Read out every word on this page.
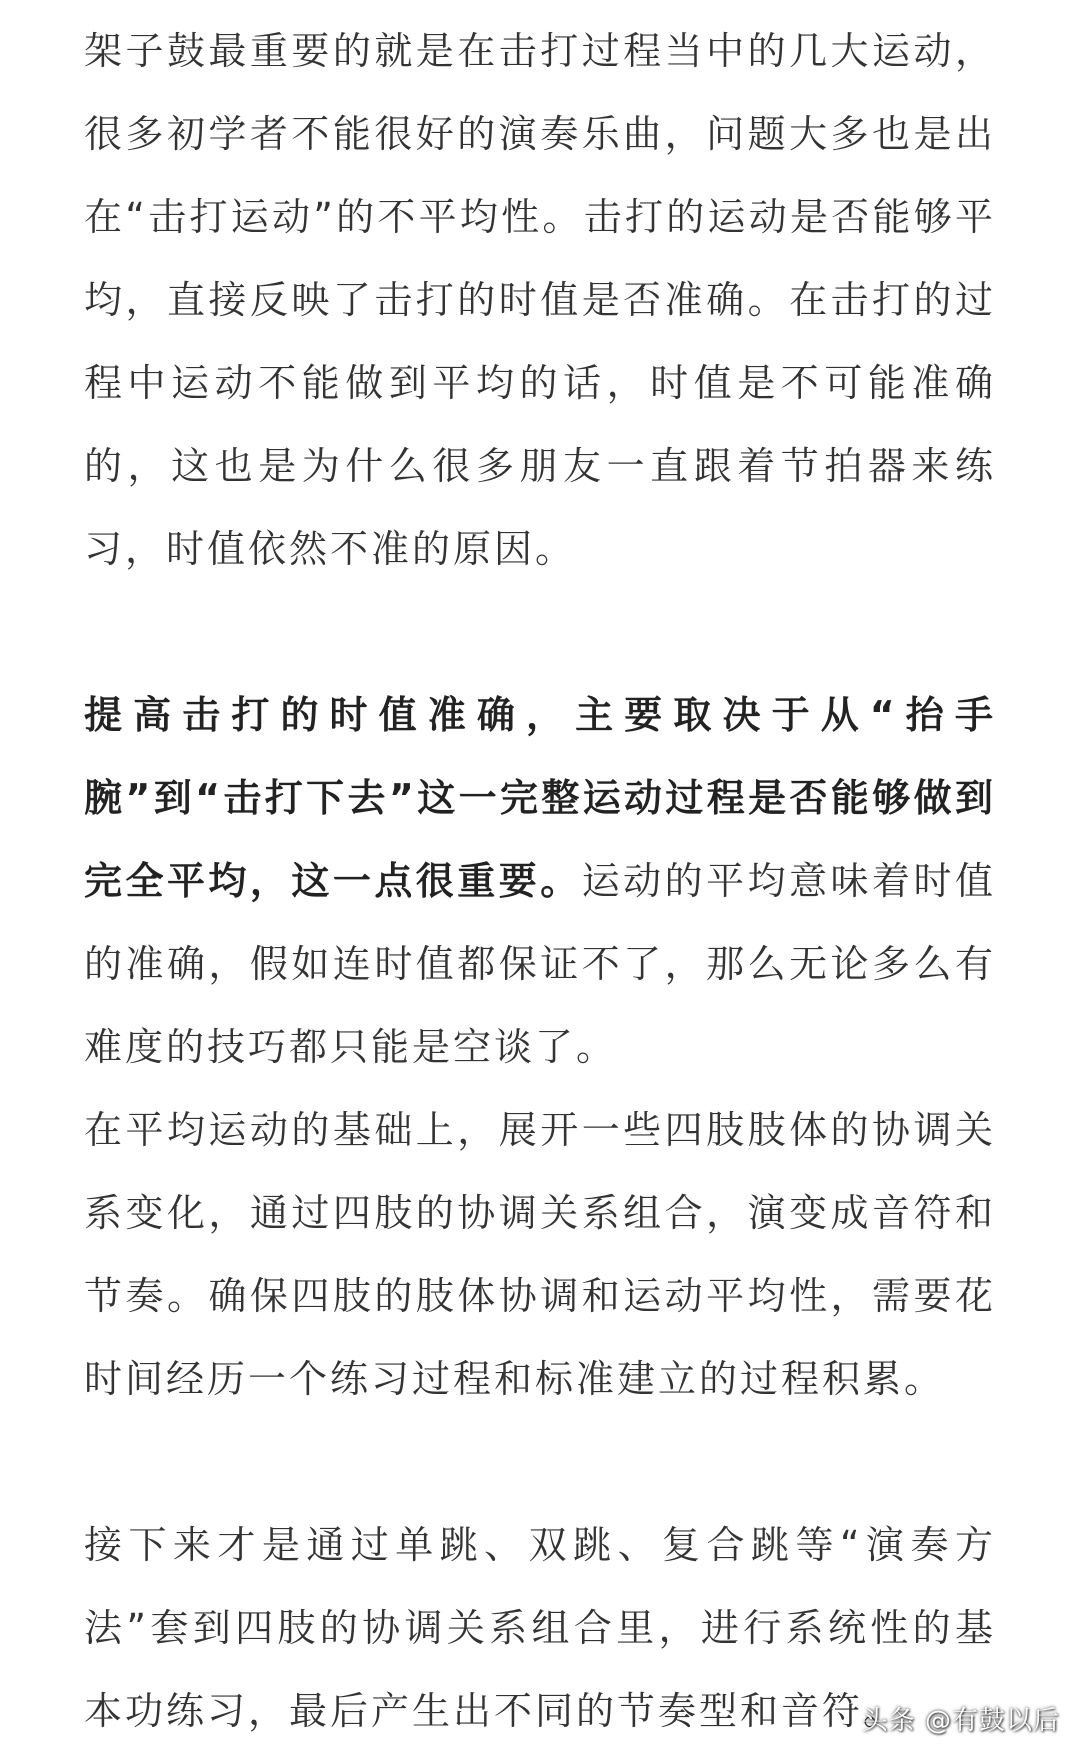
架子鼓最重要的就是在击打过程当中的几大运动，很多初学者不能很好的演奏乐曲，问题大多也是出在“击打运动”的不平均性。击打的运动是否能够平均，直接反映了击打的时值是否准确。在击打的过程中运动不能做到平均的话，时值是不可能准确的，这也是为什么很多朋友一直跟着节拍器来练习，时值依然不准的原因。

提高击打的时值准确，主要取决于从“抬手腕”到“击打下去”这一完整运动过程是否能够做到完全平均，这一点很重要。运动的平均意味着时值的准确，假如连时值都保证不了，那么无论多么有难度的技巧都只能是空谈了。

在平均运动的基础上，展开一些四肢肢体的协调关系变化，通过四肢的协调关系组合，演变成音符和节奏。确保四肢的肢体协调和运动平均性，需要花时间经历一个练习过程和标准建立的过程积累。

接下来才是通过单跳、双跳、复合跳等“演奏方法”套到四肢的协调关系组合里，进行系统性的基本功练习，最后产生出不同的节奏型和音符。

头条 @有鼓以后
